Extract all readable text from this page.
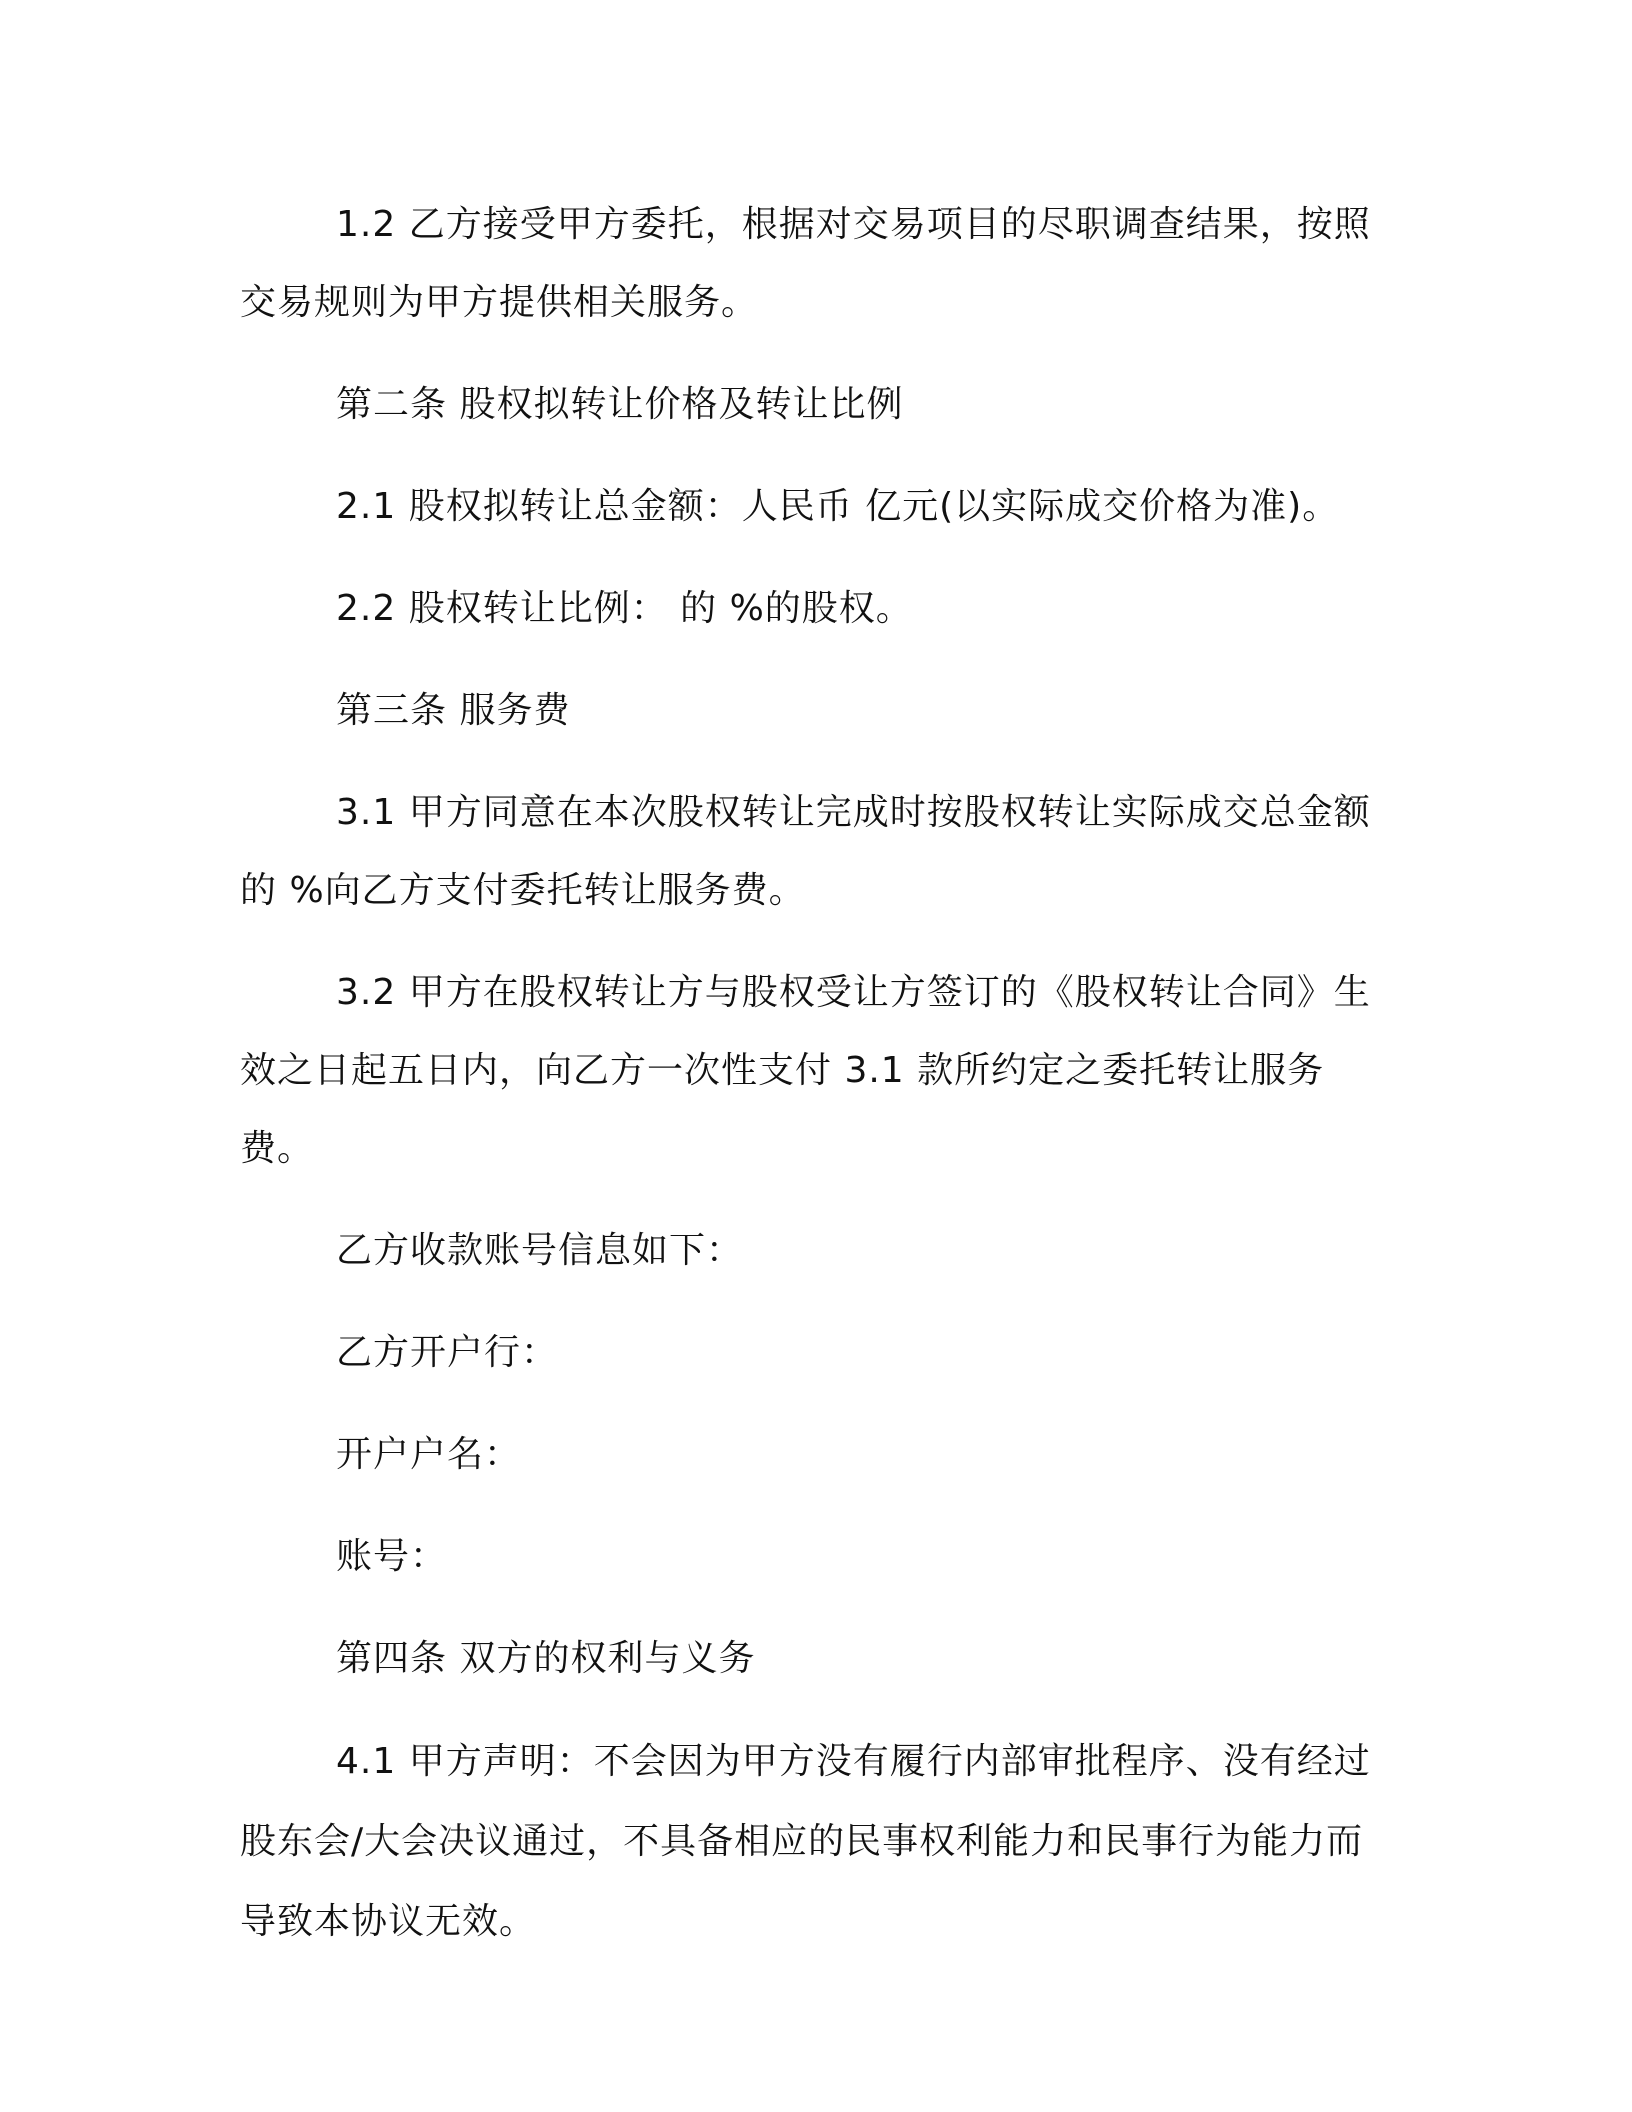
1.2 乙方接受甲方委托，根据对交易项目的尽职调查结果，按照交易规则为甲方提供相关服务。

第二条 股权拟转让价格及转让比例

2.1 股权拟转让总金额：人民币 亿元(以实际成交价格为准)。

2.2 股权转让比例： 的 %的股权。

第三条 服务费

3.1 甲方同意在本次股权转让完成时按股权转让实际成交总金额的 %向乙方支付委托转让服务费。

3.2 甲方在股权转让方与股权受让方签订的《股权转让合同》生效之日起五日内，向乙方一次性支付 3.1 款所约定之委托转让服务费。

乙方收款账号信息如下：

乙方开户行：

开户户名：

账号：

第四条 双方的权利与义务

4.1 甲方声明：不会因为甲方没有履行内部审批程序、没有经过股东会/大会决议通过，不具备相应的民事权利能力和民事行为能力而导致本协议无效。
